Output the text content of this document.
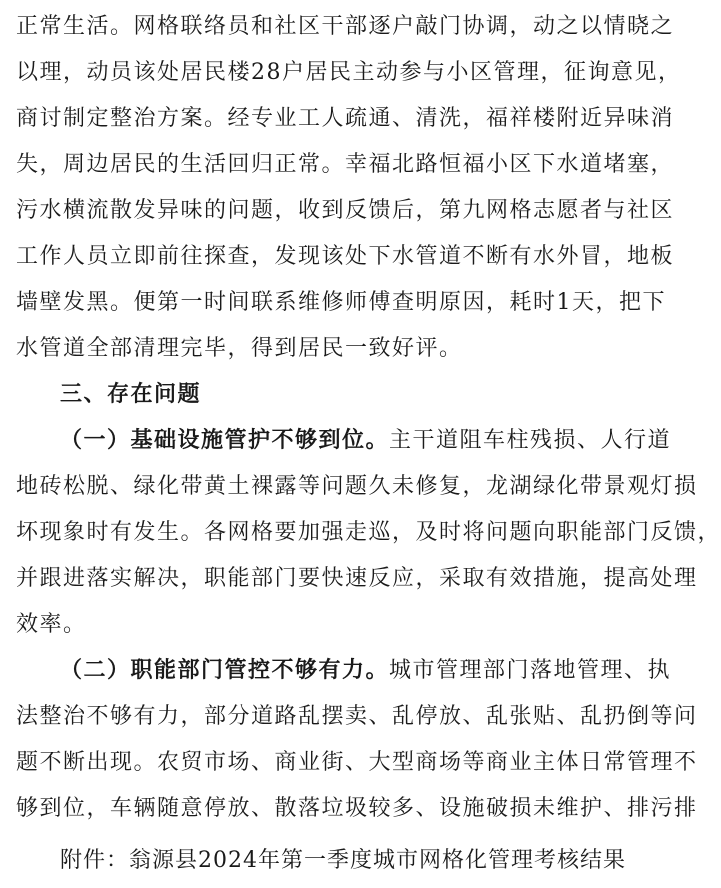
正常生活。网格联络员和社区干部逐户敲门协调，动之以情晓之
以理，动员该处居民楼28户居民主动参与小区管理，征询意见，
商讨制定整治方案。经专业工人疏通、清洗，福祥楼附近异味消
失，周边居民的生活回归正常。幸福北路恒福小区下水道堵塞，
污水横流散发异味的问题，收到反馈后，第九网格志愿者与社区
工作人员立即前往探查，发现该处下水管道不断有水外冒，地板
墙壁发黑。便第一时间联系维修师傅查明原因，耗时1天，把下
水管道全部清理完毕，得到居民一致好评。
三、存在问题
（一）基础设施管护不够到位。主干道阻车柱残损、人行道
地砖松脱、绿化带黄土裸露等问题久未修复，龙湖绿化带景观灯损
坏现象时有发生。各网格要加强走巡，及时将问题向职能部门反馈，
并跟进落实解决，职能部门要快速反应，采取有效措施，提高处理
效率。
（二）职能部门管控不够有力。城市管理部门落地管理、执
法整治不够有力，部分道路乱摆卖、乱停放、乱张贴、乱扔倒等问
题不断出现。农贸市场、商业街、大型商场等商业主体日常管理不
够到位，车辆随意停放、散落垃圾较多、设施破损未维护、排污排
附件：翁源县2024年第一季度城市网格化管理考核结果
